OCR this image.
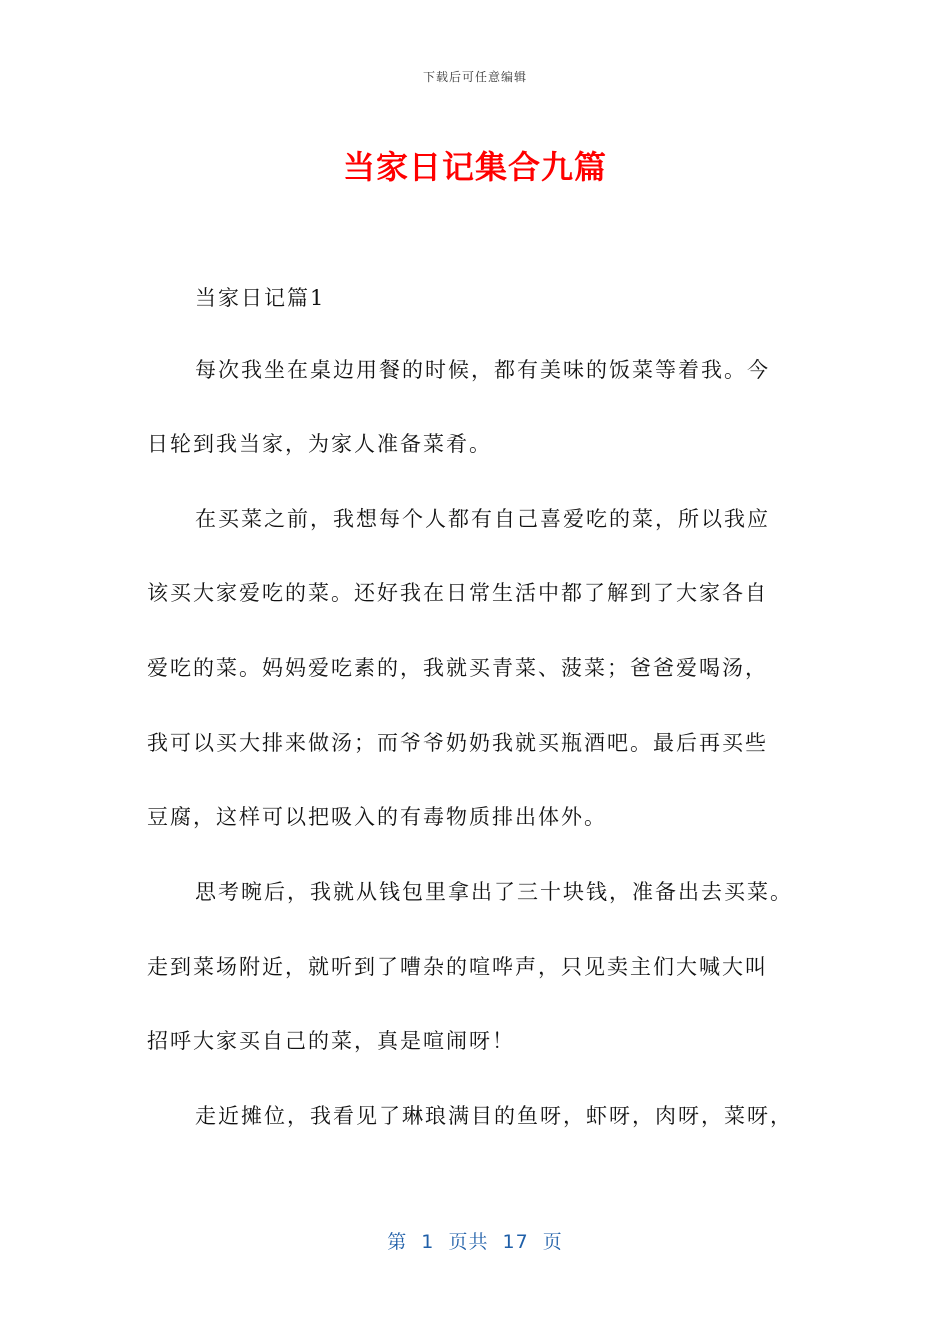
下载后可任意编辑
当家日记集合九篇
当家日记篇1
每次我坐在桌边用餐的时候，都有美味的饭菜等着我。今
日轮到我当家，为家人准备菜肴。
在买菜之前，我想每个人都有自己喜爱吃的菜，所以我应
该买大家爱吃的菜。还好我在日常生活中都了解到了大家各自
爱吃的菜。妈妈爱吃素的，我就买青菜、菠菜；爸爸爱喝汤，
我可以买大排来做汤；而爷爷奶奶我就买瓶酒吧。最后再买些
豆腐，这样可以把吸入的有毒物质排出体外。
思考晼后，我就从钱包里拿出了三十块钱，准备出去买菜。
走到菜场附近，就听到了嘈杂的喧哗声，只见卖主们大喊大叫
招呼大家买自己的菜，真是喧闹呀！
走近摊位，我看见了琳琅满目的鱼呀，虾呀，肉呀，菜呀，
第  1  页共  17  页
